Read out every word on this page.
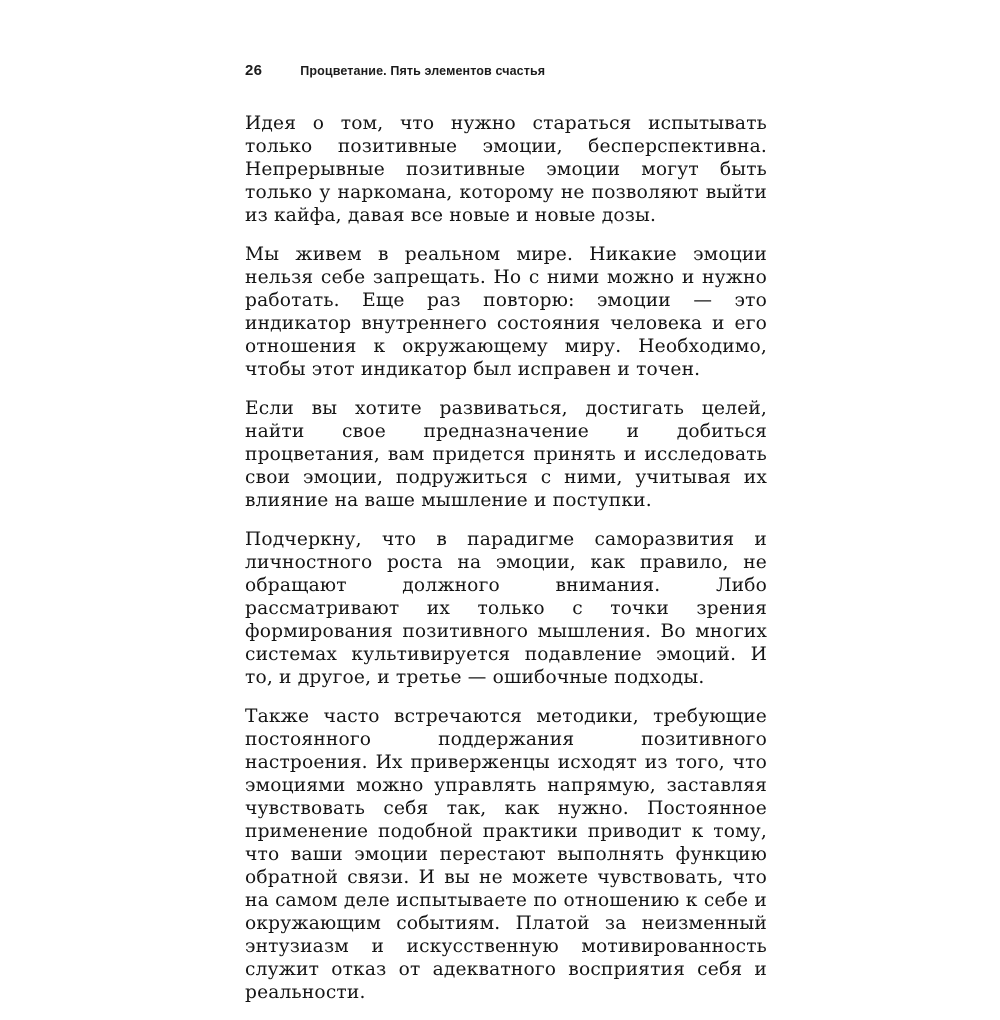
26	Процветание. Пять элементов счастья

Идея о том, что нужно стараться испытывать только позитивные эмоции, бесперспективна. Непрерывные позитивные эмоции могут быть только у наркомана, которому не позволяют выйти из кайфа, давая все новые и новые дозы.

Мы живем в реальном мире. Никакие эмоции нельзя себе запрещать. Но с ними можно и нужно работать. Еще раз повторю: эмоции — это индикатор внутреннего состояния человека и его отношения к окружающему миру. Необходимо, чтобы этот индикатор был исправен и точен.

Если вы хотите развиваться, достигать целей, найти свое предназначение и добиться процветания, вам придется принять и исследовать свои эмоции, подружиться с ними, учитывая их влияние на ваше мышление и поступки.

Подчеркну, что в парадигме саморазвития и личностного роста на эмоции, как правило, не обращают должного внимания. Либо рассматривают их только с точки зрения формирования позитивного мышления. Во многих системах культивируется подавление эмоций. И то, и другое, и третье — ошибочные подходы.

Также часто встречаются методики, требующие постоянного поддержания позитивного настроения. Их приверженцы исходят из того, что эмоциями можно управлять напрямую, заставляя чувствовать себя так, как нужно. Постоянное применение подобной практики приводит к тому, что ваши эмоции перестают выполнять функцию обратной связи. И вы не можете чувствовать, что на самом деле испытываете по отношению к себе и окружающим событиям. Платой за неизменный энтузиазм и искусственную мотивированность служит отказ от адекватного восприятия себя и реальности.
